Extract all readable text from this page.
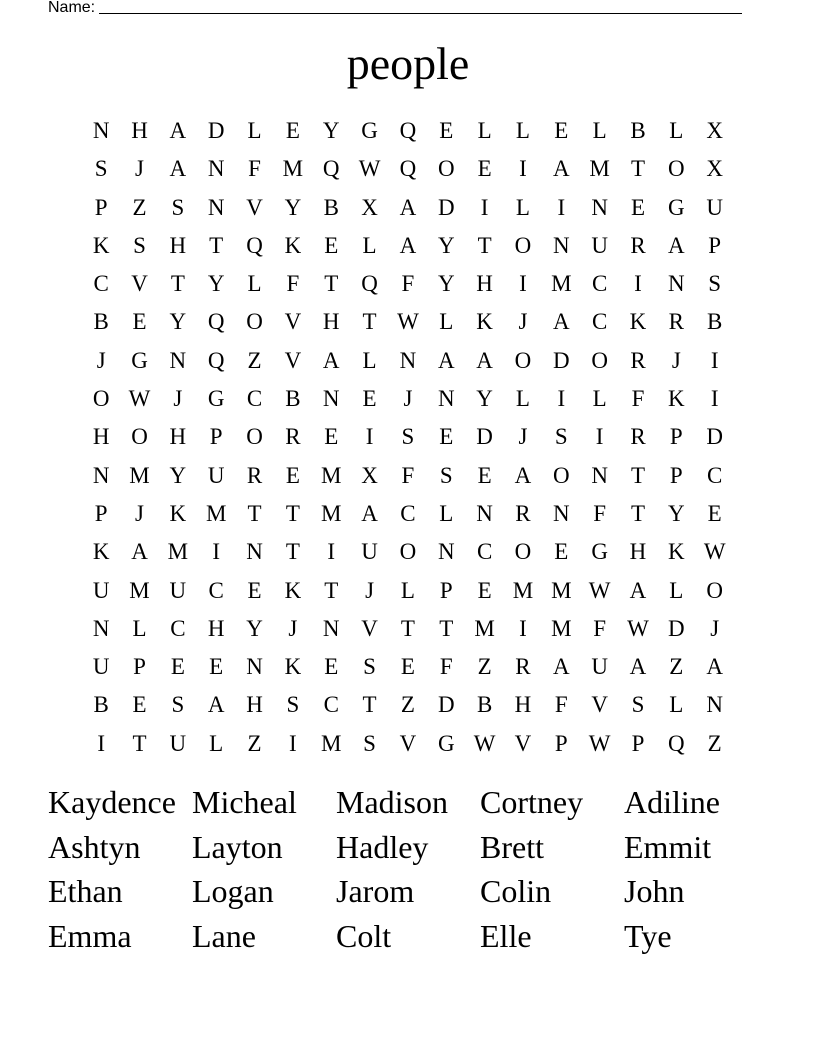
Name:
people
N H A D	L	E	Y G Q	E	L	L	E	L	B	L	X
S	J	A N	F M Q W Q O	E	I	A M T	O X
P	Z	S	N V Y B X A D	I	L	I	N	E	G U
K	S	H	T	Q K	E	L	A Y	T	O N U R A	P
C V	T	Y	L	F	T	Q	F	Y H	I	M C	I	N	S
B	E	Y Q O V H	T W L	K	J	A C K R	B
J	G N Q	Z	V A	L	N A A O D O R	J	I
O W	J	G C	B N	E	J	N Y	L	I	L	F	K	I
H O H	P	O R	E	I	S	E	D	J	S	I	R	P	D
N M Y U R	E M X	F	S	E	A O N	T	P	C
P	J	K M T	T M A C	L	N R N	F	T	Y	E
K A M	I	N	T	I	U O N C O	E	G H K W
U M U C	E	K	T	J	L	P	E M M W A	L	O
N	L	C H Y	J	N V	T	T M	I	M F W D	J
U	P	E	E	N K	E	S	E	F	Z	R A U A	Z	A
B	E	S	A H	S	C	T	Z	D B H	F	V	S	L	N
I	T	U	L	Z	I	M S	V G W V	P W P	Q	Z
Kaydence Micheal	Madison	Cortney	Adiline
Ashtyn	Layton	Hadley	Brett	Emmit
Ethan	Logan	Jarom	Colin	John
Emma	Lane	Colt	Elle	Tye
